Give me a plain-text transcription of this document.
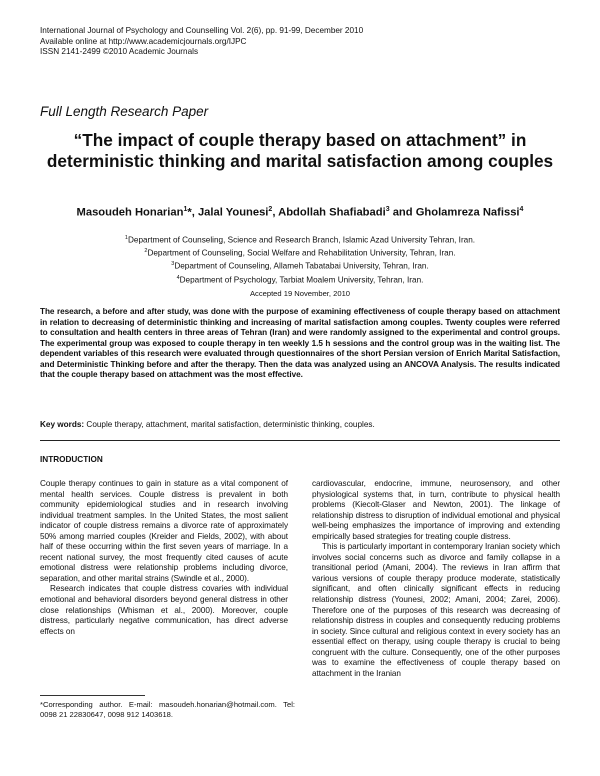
International Journal of Psychology and Counselling Vol. 2(6), pp. 91-99, December 2010
Available online at http://www.academicjournals.org/IJPC
ISSN 2141-2499 ©2010 Academic Journals
Full Length Research Paper
“The impact of couple therapy based on attachment” in deterministic thinking and marital satisfaction among couples
Masoudeh Honarian$^1$*, Jalal Younesi$^2$, Abdollah Shafiabadi$^3$ and Gholamreza Nafissi$^4$
$^1$Department of Counseling, Science and Research Branch, Islamic Azad University Tehran, Iran.
$^2$Department of Counseling, Social Welfare and Rehabilitation University, Tehran, Iran.
$^3$Department of Counseling, Allameh Tabatabai University, Tehran, Iran.
$^4$Department of Psychology, Tarbiat Moalem University, Tehran, Iran.
Accepted 19 November, 2010
The research, a before and after study, was done with the purpose of examining effectiveness of couple therapy based on attachment in relation to decreasing of deterministic thinking and increasing of marital satisfaction among couples. Twenty couples were referred to consultation and health centers in three areas of Tehran (Iran) and were randomly assigned to the experimental and control groups. The experimental group was exposed to couple therapy in ten weekly 1.5 h sessions and the control group was in the waiting list. The dependent variables of this research were evaluated through questionnaires of the short Persian version of Enrich Marital Satisfaction, and Deterministic Thinking before and after the therapy. Then the data was analyzed using an ANCOVA Analysis. The results indicated that the couple therapy based on attachment was the most effective.
Key words: Couple therapy, attachment, marital satisfaction, deterministic thinking, couples.
INTRODUCTION

Couple therapy continues to gain in stature as a vital component of mental health services. Couple distress is prevalent in both community epidemiological studies and in research involving individual treatment samples. In the United States, the most salient indicator of couple distress remains a divorce rate of approximately 50% among married couples (Kreider and Fields, 2002), with about half of these occurring within the first seven years of marriage. In a recent national survey, the most frequently cited causes of acute emotional distress were relationship problems including divorce, separation, and other marital strains (Swindle et al., 2000).

Research indicates that couple distress covaries with individual emotional and behavioral disorders beyond general distress in other close relationships (Whisman et al., 2000). Moreover, couple distress, particularly negative communication, has direct adverse effects on

cardiovascular, endocrine, immune, neurosensory, and other physiological systems that, in turn, contribute to physical health problems (Kiecolt-Glaser and Newton, 2001). The linkage of relationship distress to disruption of individual emotional and physical well-being emphasizes the importance of improving and extending empirically based strategies for treating couple distress.

This is particularly important in contemporary Iranian society which involves social concerns such as divorce and family collapse in a transitional period (Amani, 2004). The reviews in Iran affirm that various versions of couple therapy produce moderate, statistically significant, and often clinically significant effects in reducing relationship distress (Younesi, 2002; Amani, 2004; Zarei, 2006). Therefore one of the purposes of this research was decreasing of relationship distress in couples and consequently reducing problems in society. Since cultural and religious context in every society has an essential effect on therapy, using couple therapy is crucial to being congruent with the culture. Consequently, one of the other purposes was to examine the effectiveness of couple therapy based on attachment in the Iranian

*Corresponding author. E-mail: masoudeh.honarian@hotmail.com. Tel: 0098 21 22830647, 0098 912 1403618.
